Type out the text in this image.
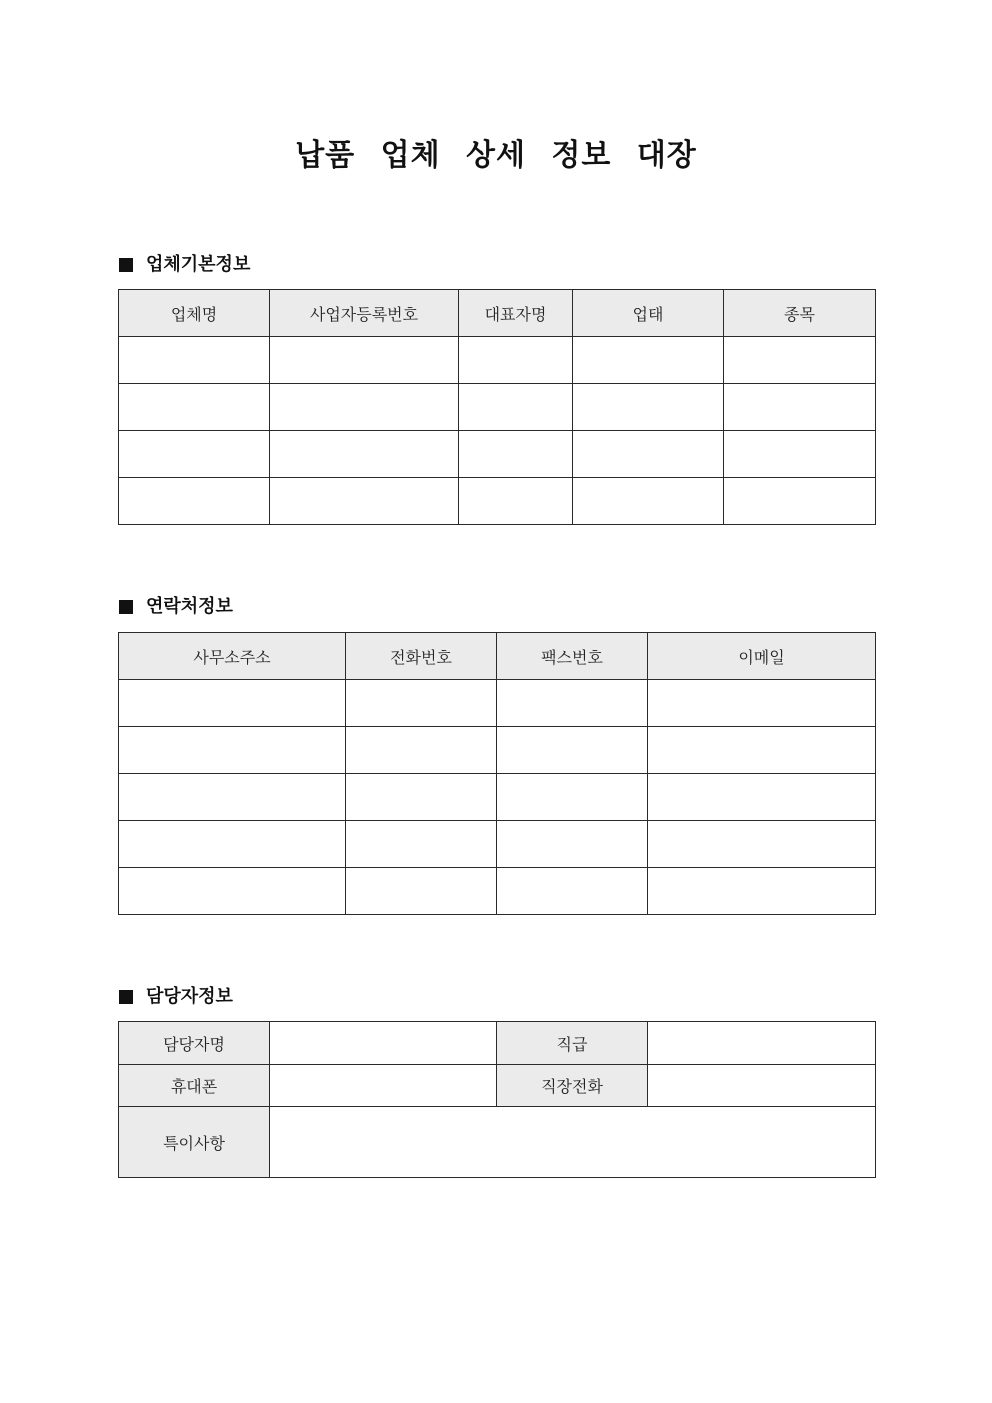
납품 업체 상세 정보 대장
업체기본정보
업체명	사업자등록번호	대표자명	업태	종목

연락처정보
사무소주소	전화번호	팩스번호	이메일

담당자정보
담당자명		직급	
휴대폰		직장전화	
특이사항			
